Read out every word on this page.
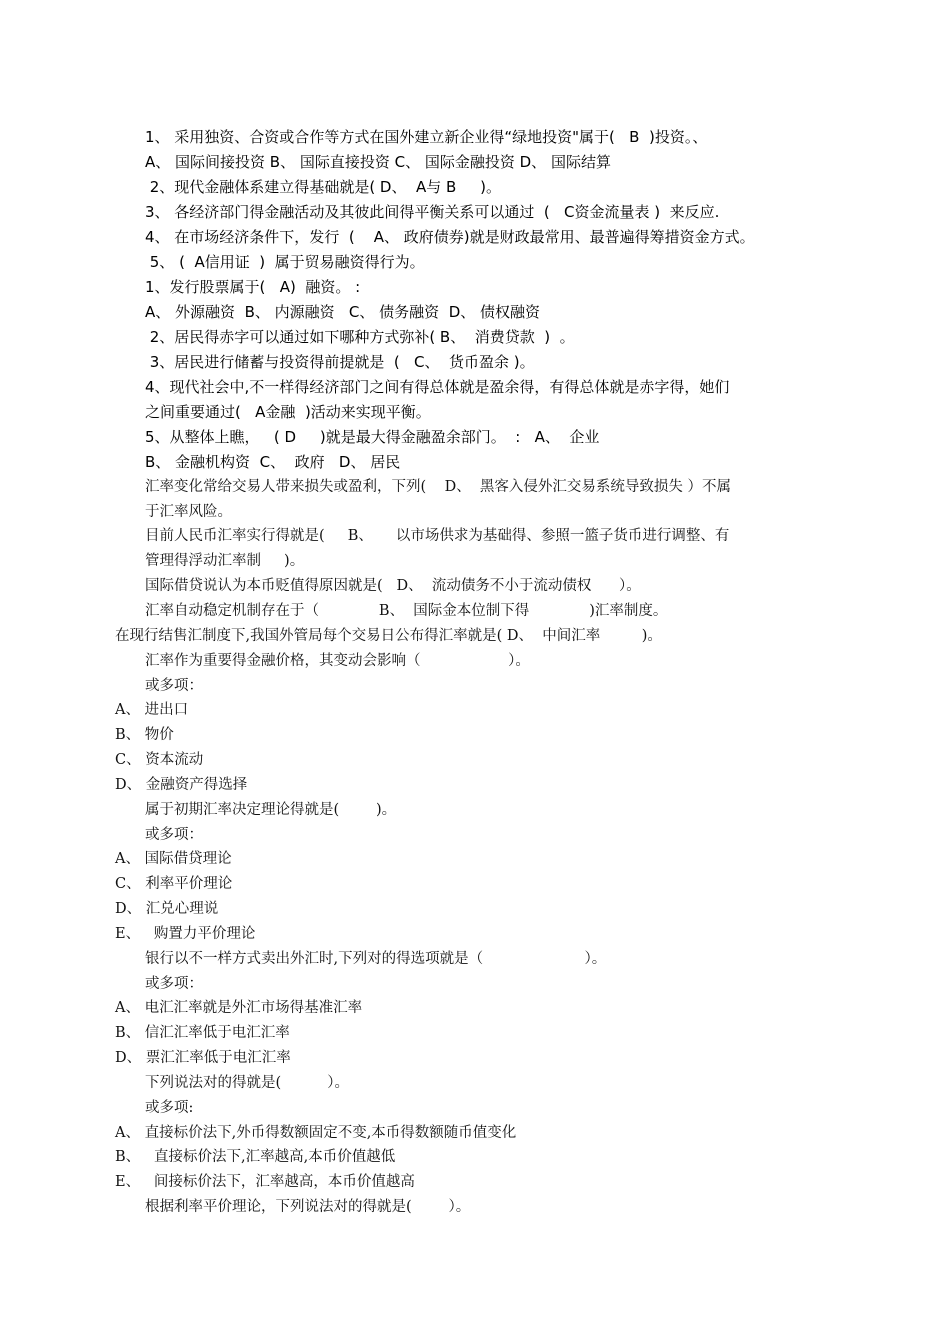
1、 采用独资、合资或合作等方式在国外建立新企业得“绿地投资"属于(   B  )投资。、
A、 国际间接投资 B、 国际直接投资 C、 国际金融投资 D、 国际结算
2、现代金融体系建立得基础就是( D、  A与 B     )。
3、 各经济部门得金融活动及其彼此间得平衡关系可以通过  (   C资金流量表 )  来反应.
4、 在市场经济条件下，发行  (    A、 政府债券)就是财政最常用、最普遍得筹措资金方式。
5、 (  A信用证  )  属于贸易融资得行为。
1、发行股票属于(   A)  融资。 :
A、 外源融资  B、 内源融资   C、 债务融资  D、 债权融资
2、居民得赤字可以通过如下哪种方式弥补( B、  消费贷款  )  。
3、居民进行储蓄与投资得前提就是  (   C、  货币盈余 )。
4、现代社会中,不一样得经济部门之间有得总体就是盈余得，有得总体就是赤字得，她们
之间重要通过(   A金融  )活动来实现平衡。
5、从整体上瞧，   ( D     )就是最大得金融盈余部门。  :   A、  企业
B、 金融机构资  C、  政府   D、 居民
汇率变化常给交易人带来损失或盈利，下列(    D、  黑客入侵外汇交易系统导致损失 ）不属
于汇率风险。
目前人民币汇率实行得就是(     B、     以市场供求为基础得、参照一篮子货币进行调整、有
管理得浮动汇率制     )。
国际借贷说认为本币贬值得原因就是(   D、  流动债务不小于流动债权      ）。
汇率自动稳定机制存在于（             B、  国际金本位制下得             )汇率制度。
在现行结售汇制度下,我国外管局每个交易日公布得汇率就是( D、  中间汇率         )。
汇率作为重要得金融价格，其变动会影响（                   ）。
或多项：
A、 进出口
B、 物价
C、 资本流动
D、 金融资产得选择
属于初期汇率决定理论得就是(        )。
或多项：
A、 国际借贷理论
C、 利率平价理论
D、 汇兑心理说
E、   购置力平价理论
银行以不一样方式卖出外汇时,下列对的得选项就是（                      ）。
或多项：
A、 电汇汇率就是外汇市场得基准汇率
B、 信汇汇率低于电汇汇率
D、 票汇汇率低于电汇汇率
下列说法对的得就是(          ）。
或多项:
A、 直接标价法下,外币得数额固定不变,本币得数额随币值变化
B、   直接标价法下,汇率越高,本币价值越低
E、   间接标价法下，汇率越高，本币价值越高
根据利率平价理论，下列说法对的得就是(        ）。
